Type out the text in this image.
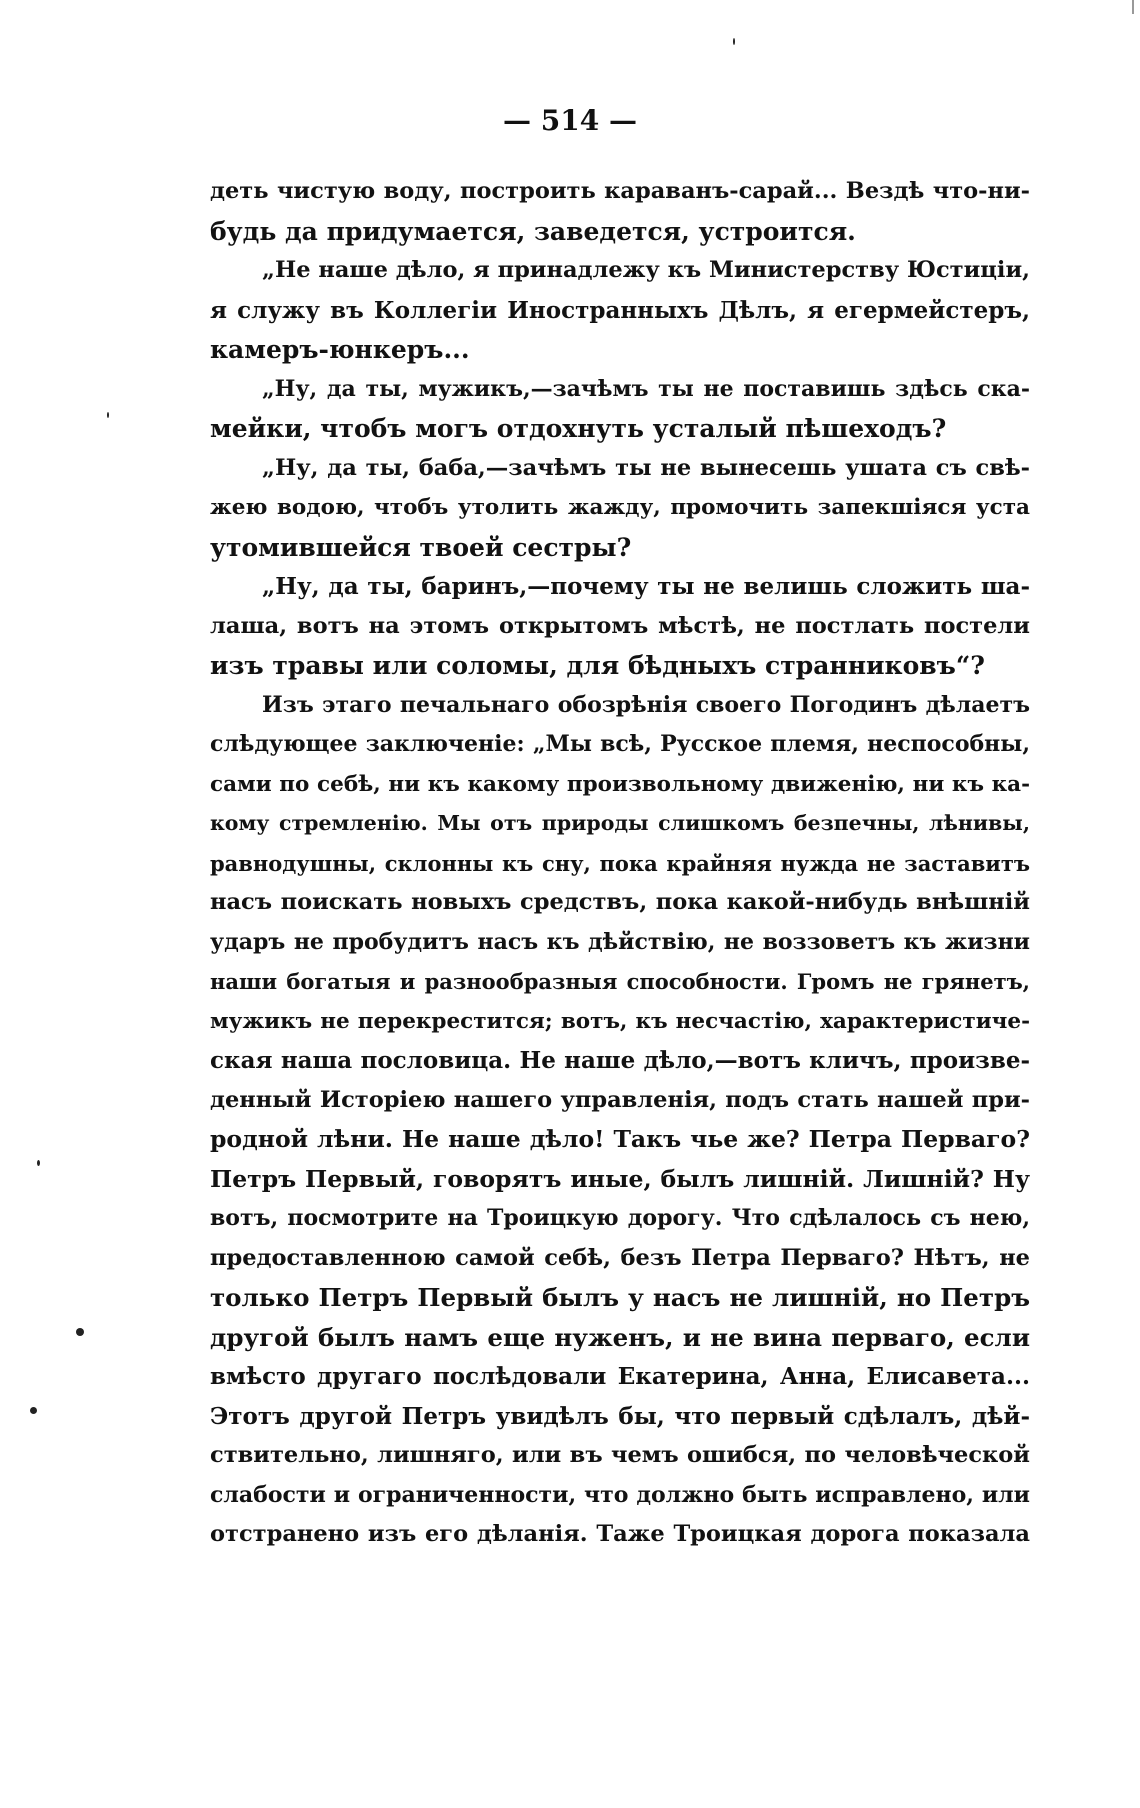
— 514 —
деть чистую воду, построить караванъ-сарай... Вездѣ что-ни-
будь да придумается, заведется, устроится.
„Не наше дѣло, я принадлежу къ Министерству Юстиціи,
я служу въ Коллегіи Иностранныхъ Дѣлъ, я егермейстеръ,
камеръ-юнкеръ...
„Ну, да ты, мужикъ,—зачѣмъ ты не поставишь здѣсь ска-
мейки, чтобъ могъ отдохнуть усталый пѣшеходъ?
„Ну, да ты, баба,—зачѣмъ ты не вынесешь ушата съ свѣ-
жею водою, чтобъ утолить жажду, промочить запекшіяся уста
утомившейся твоей сестры?
„Ну, да ты, баринъ,—почему ты не велишь сложить ша-
лаша, вотъ на этомъ открытомъ мѣстѣ, не постлать постели
изъ травы или соломы, для бѣдныхъ странниковъ“?
Изъ этаго печальнаго обозрѣнія своего Погодинъ дѣлаетъ
слѣдующее заключеніе: „Мы всѣ, Русское племя, неспособны,
сами по себѣ, ни къ какому произвольному движенію, ни къ ка-
кому стремленію. Мы отъ природы слишкомъ безпечны, лѣнивы,
равнодушны, склонны къ сну, пока крайняя нужда не заставитъ
насъ поискать новыхъ средствъ, пока какой-нибудь внѣшній
ударъ не пробудитъ насъ къ дѣйствію, не воззоветъ къ жизни
наши богатыя и разнообразныя способности. Громъ не грянетъ,
мужикъ не перекрестится; вотъ, къ несчастію, характеристиче-
ская наша пословица. Не наше дѣло,—вотъ кличъ, произве-
денный Исторіею нашего управленія, подъ стать нашей при-
родной лѣни. Не наше дѣло! Такъ чье же? Петра Перваго?
Петръ Первый, говорятъ иные, былъ лишній. Лишній? Ну
вотъ, посмотрите на Троицкую дорогу. Что сдѣлалось съ нею,
предоставленною самой себѣ, безъ Петра Перваго? Нѣтъ, не
только Петръ Первый былъ у насъ не лишній, но Петръ
другой былъ намъ еще нуженъ, и не вина перваго, если
вмѣсто другаго послѣдовали Екатерина, Анна, Елисавета...
Этотъ другой Петръ увидѣлъ бы, что первый сдѣлалъ, дѣй-
ствительно, лишняго, или въ чемъ ошибся, по человѣческой
слабости и ограниченности, что должно быть исправлено, или
отстранено изъ его дѣланія. Таже Троицкая дорога показала
